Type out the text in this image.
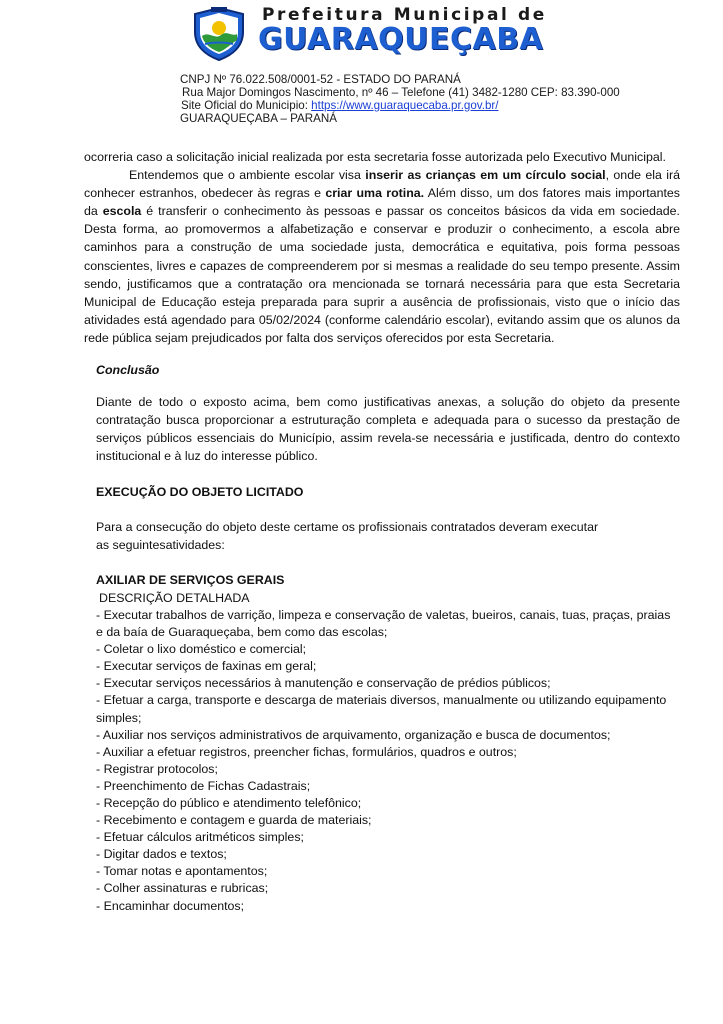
Prefeitura Municipal de
GUARAQUEÇABA
CNPJ Nº 76.022.508/0001-52 - ESTADO DO PARANÁ
Rua Major Domingos Nascimento, nº 46 – Telefone (41) 3482-1280 CEP: 83.390-000
Site Oficial do Municipio: https://www.guaraquecaba.pr.gov.br/
GUARAQUEÇABA – PARANÁ

ocorreria caso a solicitação inicial realizada por esta secretaria fosse autorizada pelo Executivo Municipal.

Entendemos que o ambiente escolar visa inserir as crianças em um círculo social, onde ela irá conhecer estranhos, obedecer às regras e criar uma rotina. Além disso, um dos fatores mais importantes da escola é transferir o conhecimento às pessoas e passar os conceitos básicos da vida em sociedade. Desta forma, ao promovermos a alfabetização e conservar e produzir o conhecimento, a escola abre caminhos para a construção de uma sociedade justa, democrática e equitativa, pois forma pessoas conscientes, livres e capazes de compreenderem por si mesmas a realidade do seu tempo presente. Assim sendo, justificamos que a contratação ora mencionada se tornará necessária para que esta Secretaria Municipal de Educação esteja preparada para suprir a ausência de profissionais, visto que o início das atividades está agendado para 05/02/2024 (conforme calendário escolar), evitando assim que os alunos da rede pública sejam prejudicados por falta dos serviços oferecidos por esta Secretaria.

Conclusão

Diante de todo o exposto acima, bem como justificativas anexas, a solução do objeto da presente contratação busca proporcionar a estruturação completa e adequada para o sucesso da prestação de serviços públicos essenciais do Município, assim revela-se necessária e justificada, dentro do contexto institucional e à luz do interesse público.

EXECUÇÃO DO OBJETO LICITADO

Para a consecução do objeto deste certame os profissionais contratados deveram executar

as seguintesatividades:

AXILIAR DE SERVIÇOS GERAIS

DESCRIÇÃO DETALHADA

- Executar trabalhos de varrição, limpeza e conservação de valetas, bueiros, canais, tuas, praças, praias e da baía de Guaraqueçaba, bem como das escolas;
- Coletar o lixo doméstico e comercial;
- Executar serviços de faxinas em geral;
- Executar serviços necessários à manutenção e conservação de prédios públicos;
- Efetuar a carga, transporte e descarga de materiais diversos, manualmente ou utilizando equipamento simples;
- Auxiliar nos serviços administrativos de arquivamento, organização e busca de documentos;
- Auxiliar a efetuar registros, preencher fichas, formulários, quadros e outros;
- Registrar protocolos;
- Preenchimento de Fichas Cadastrais;
- Recepção do público e atendimento telefônico;
- Recebimento e contagem e guarda de materiais;
- Efetuar cálculos aritméticos simples;
- Digitar dados e textos;
- Tomar notas e apontamentos;
- Colher assinaturas e rubricas;
- Encaminhar documentos;
